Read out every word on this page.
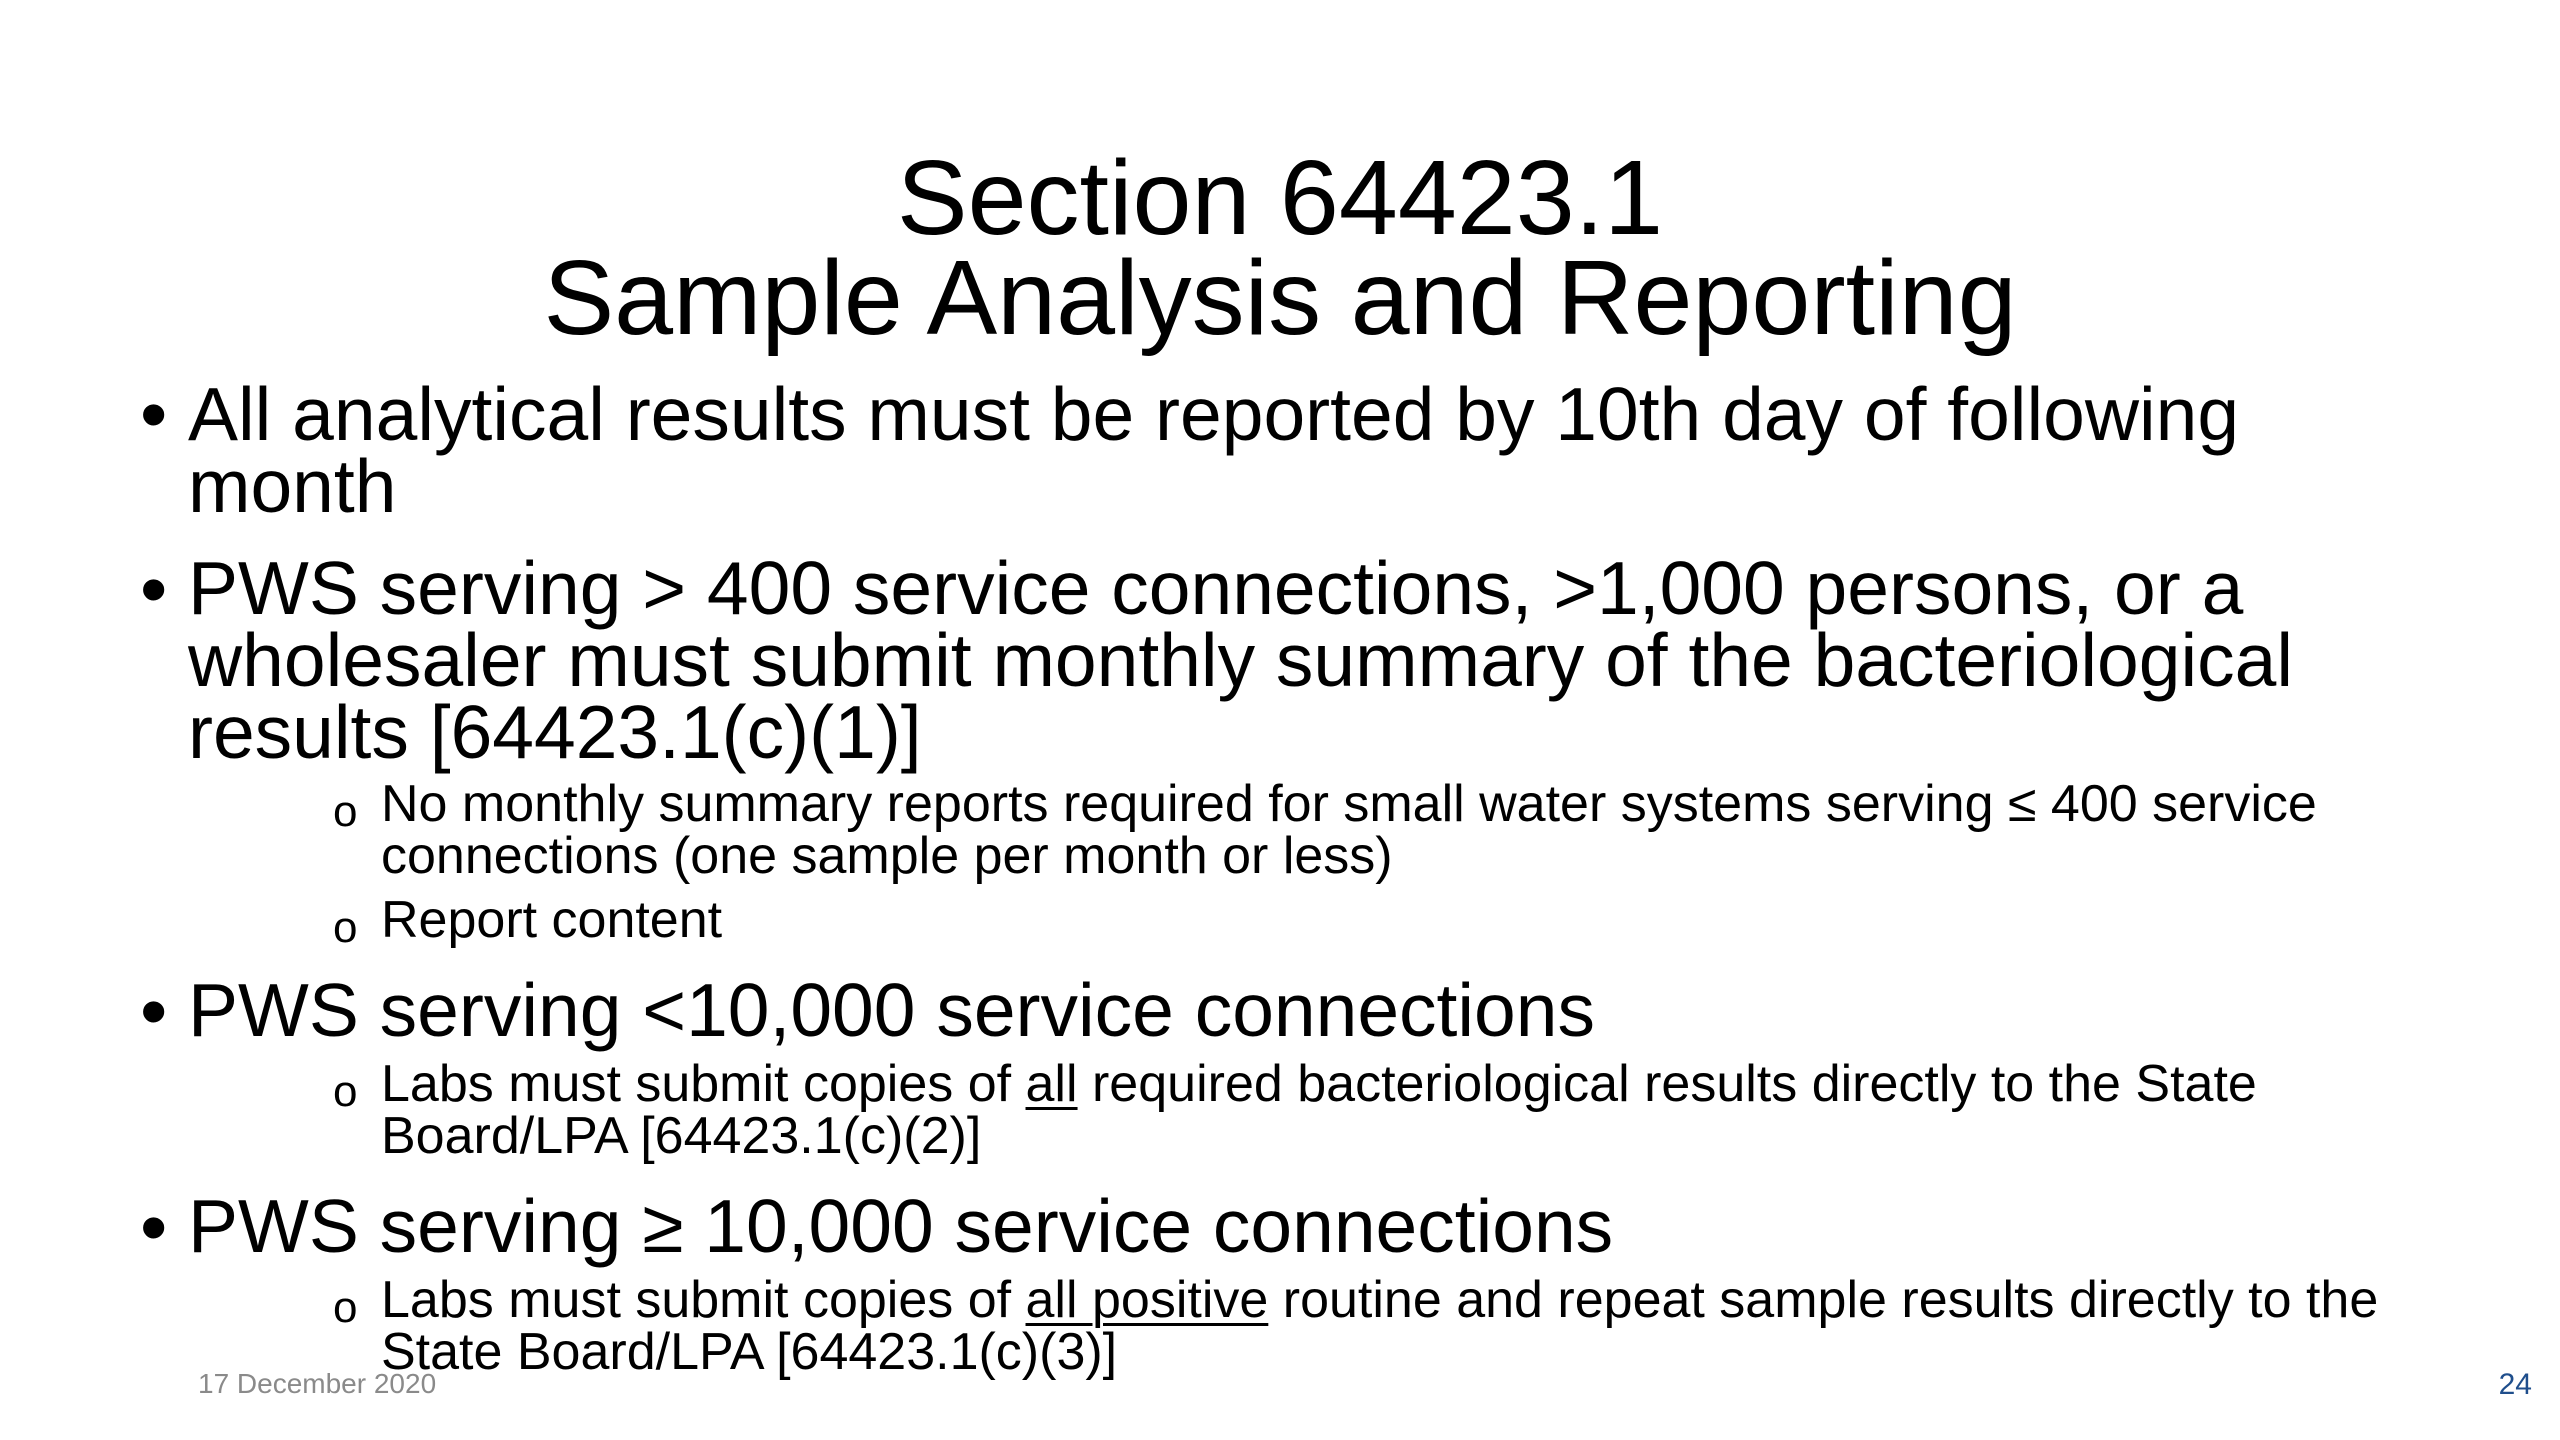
Section 64423.1
Sample Analysis and Reporting
• All analytical results must be reported by 10th day of following

month

• PWS serving > 400 service connections, >1,000 persons, or a

wholesaler must submit monthly summary of the bacteriological

results [64423.1(c)(1)]

o No monthly summary reports required for small water systems serving ≤ 400 service

connections (one sample per month or less)

o Report content

• PWS serving <10,000 service connections

o Labs must submit copies of all required bacteriological results directly to the State

Board/LPA [64423.1(c)(2)]

• PWS serving ≥ 10,000 service connections

o Labs must submit copies of all positive routine and repeat sample results directly to the

State Board/LPA [64423.1(c)(3)]

17 December 2020	24
